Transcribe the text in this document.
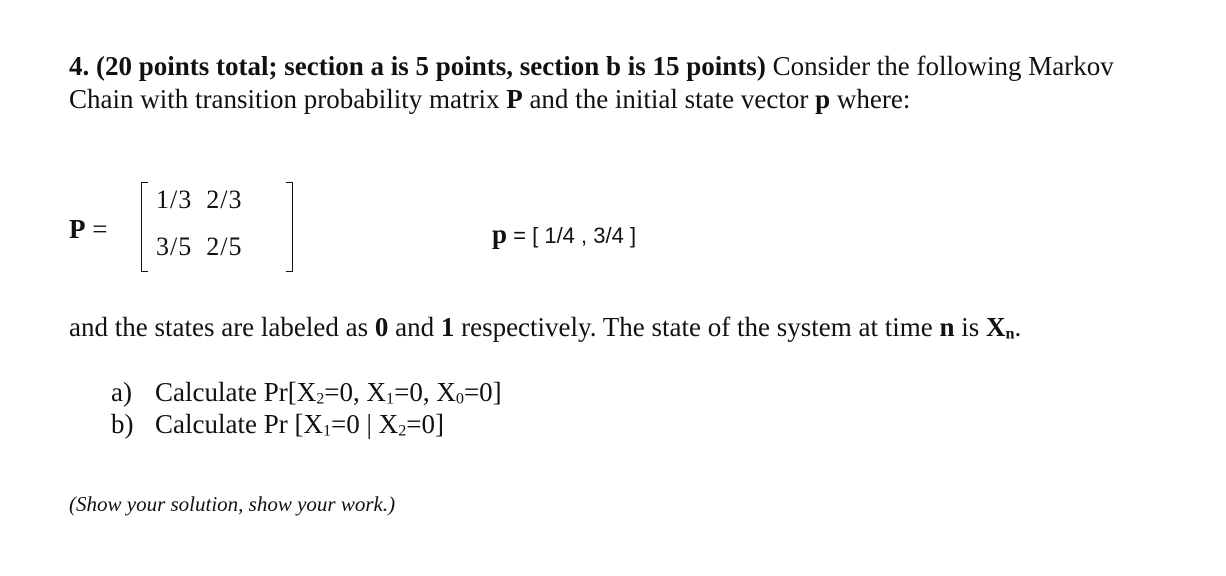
4. (20 points total; section a is 5 points, section b is 15 points) Consider the following Markov
Chain with transition probability matrix P and the initial state vector p where:
P =
1/3 2/3
3/5 2/5	p = [ 1/4 , 3/4 ]
and the states are labeled as 0 and 1 respectively. The state of the system at time n is $X_n$.
a) Calculate $Pr[X_2=0$, $X_1=0$, $X_0=0$]
b) Calculate Pr [$X_1=0$ | $X_2=0$]
(Show your solution, show your work.)
